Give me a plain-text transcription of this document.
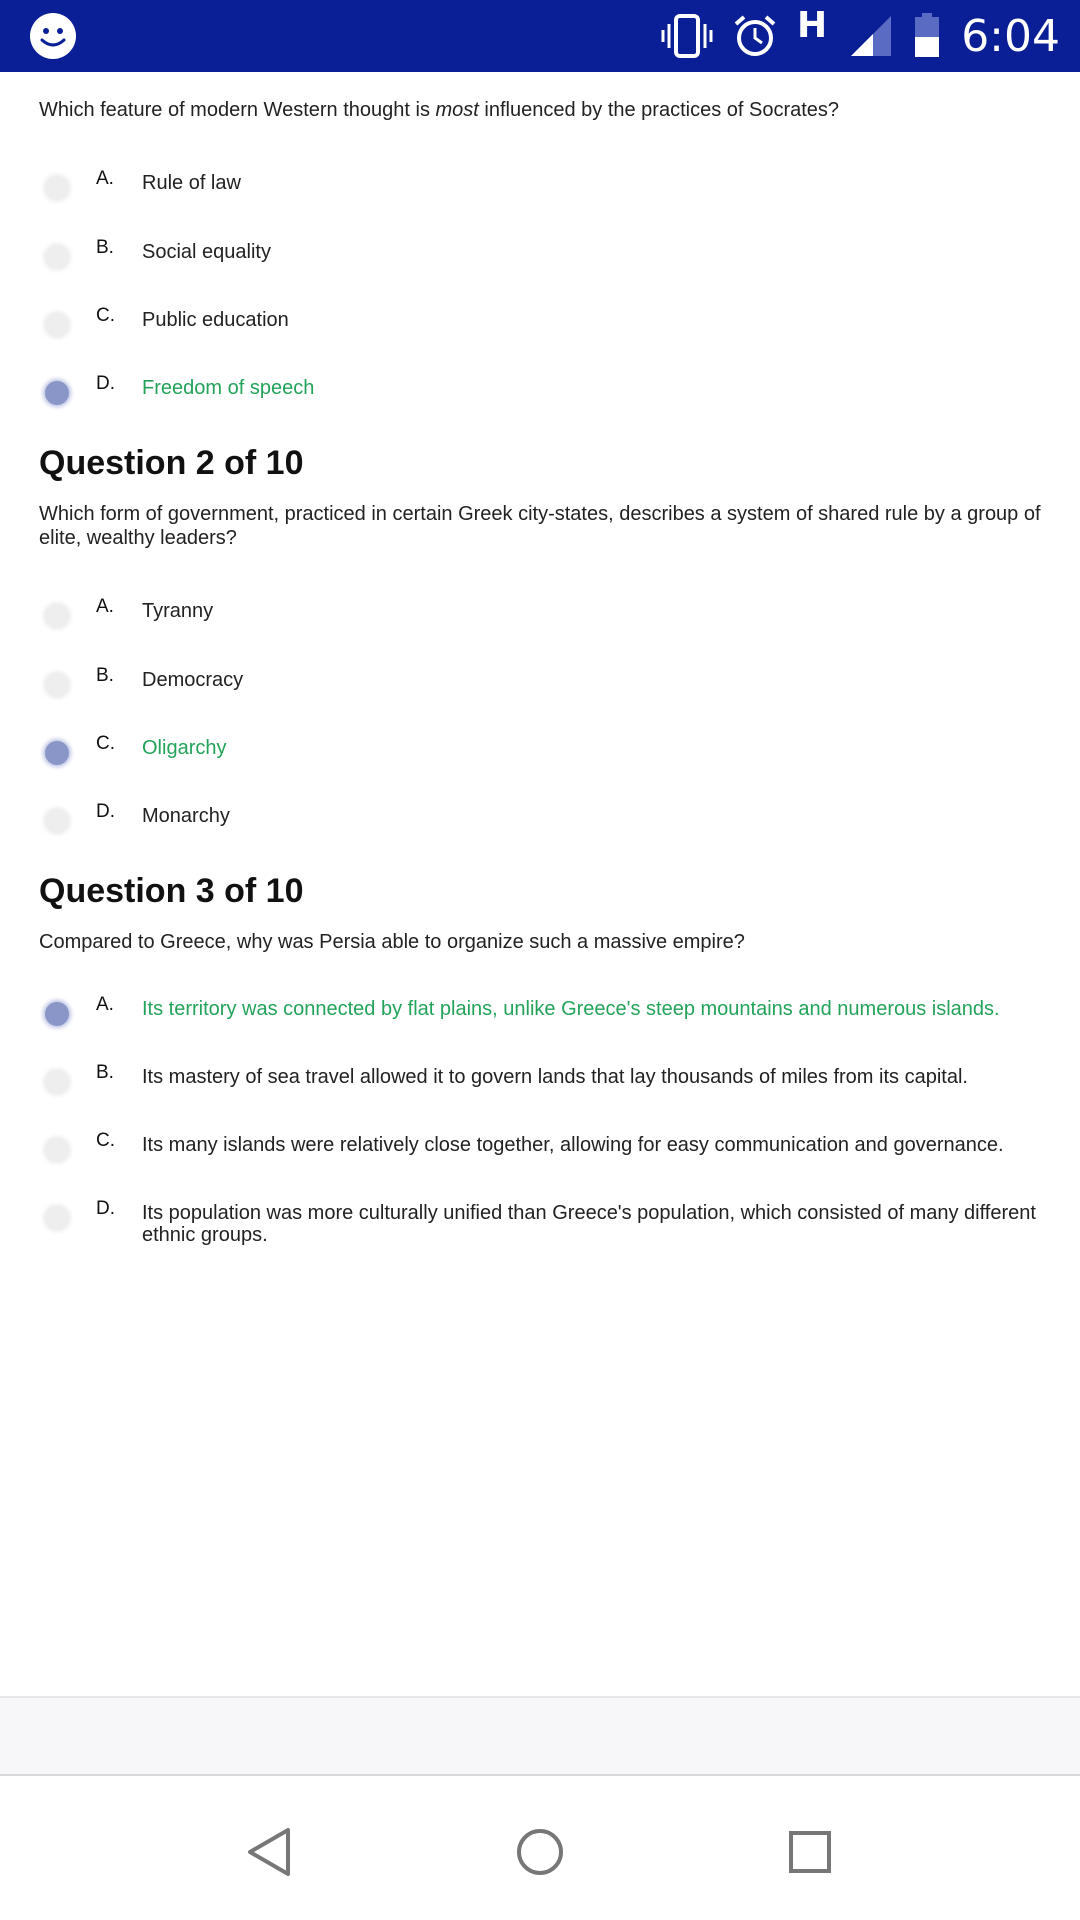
H	6:04
Which feature of modern Western thought is most influenced by the practices of Socrates?
A. Rule of law
B. Social equality
C. Public education
D. Freedom of speech
Question 2 of 10
Which form of government, practiced in certain Greek city-states, describes a system of shared rule by a group of elite, wealthy leaders?
A. Tyranny
B. Democracy
C. Oligarchy
D. Monarchy
Question 3 of 10
Compared to Greece, why was Persia able to organize such a massive empire?
A. Its territory was connected by flat plains, unlike Greece's steep mountains and numerous islands.
B. Its mastery of sea travel allowed it to govern lands that lay thousands of miles from its capital.
C. Its many islands were relatively close together, allowing for easy communication and governance.
D. Its population was more culturally unified than Greece's population, which consisted of many different ethnic groups.
